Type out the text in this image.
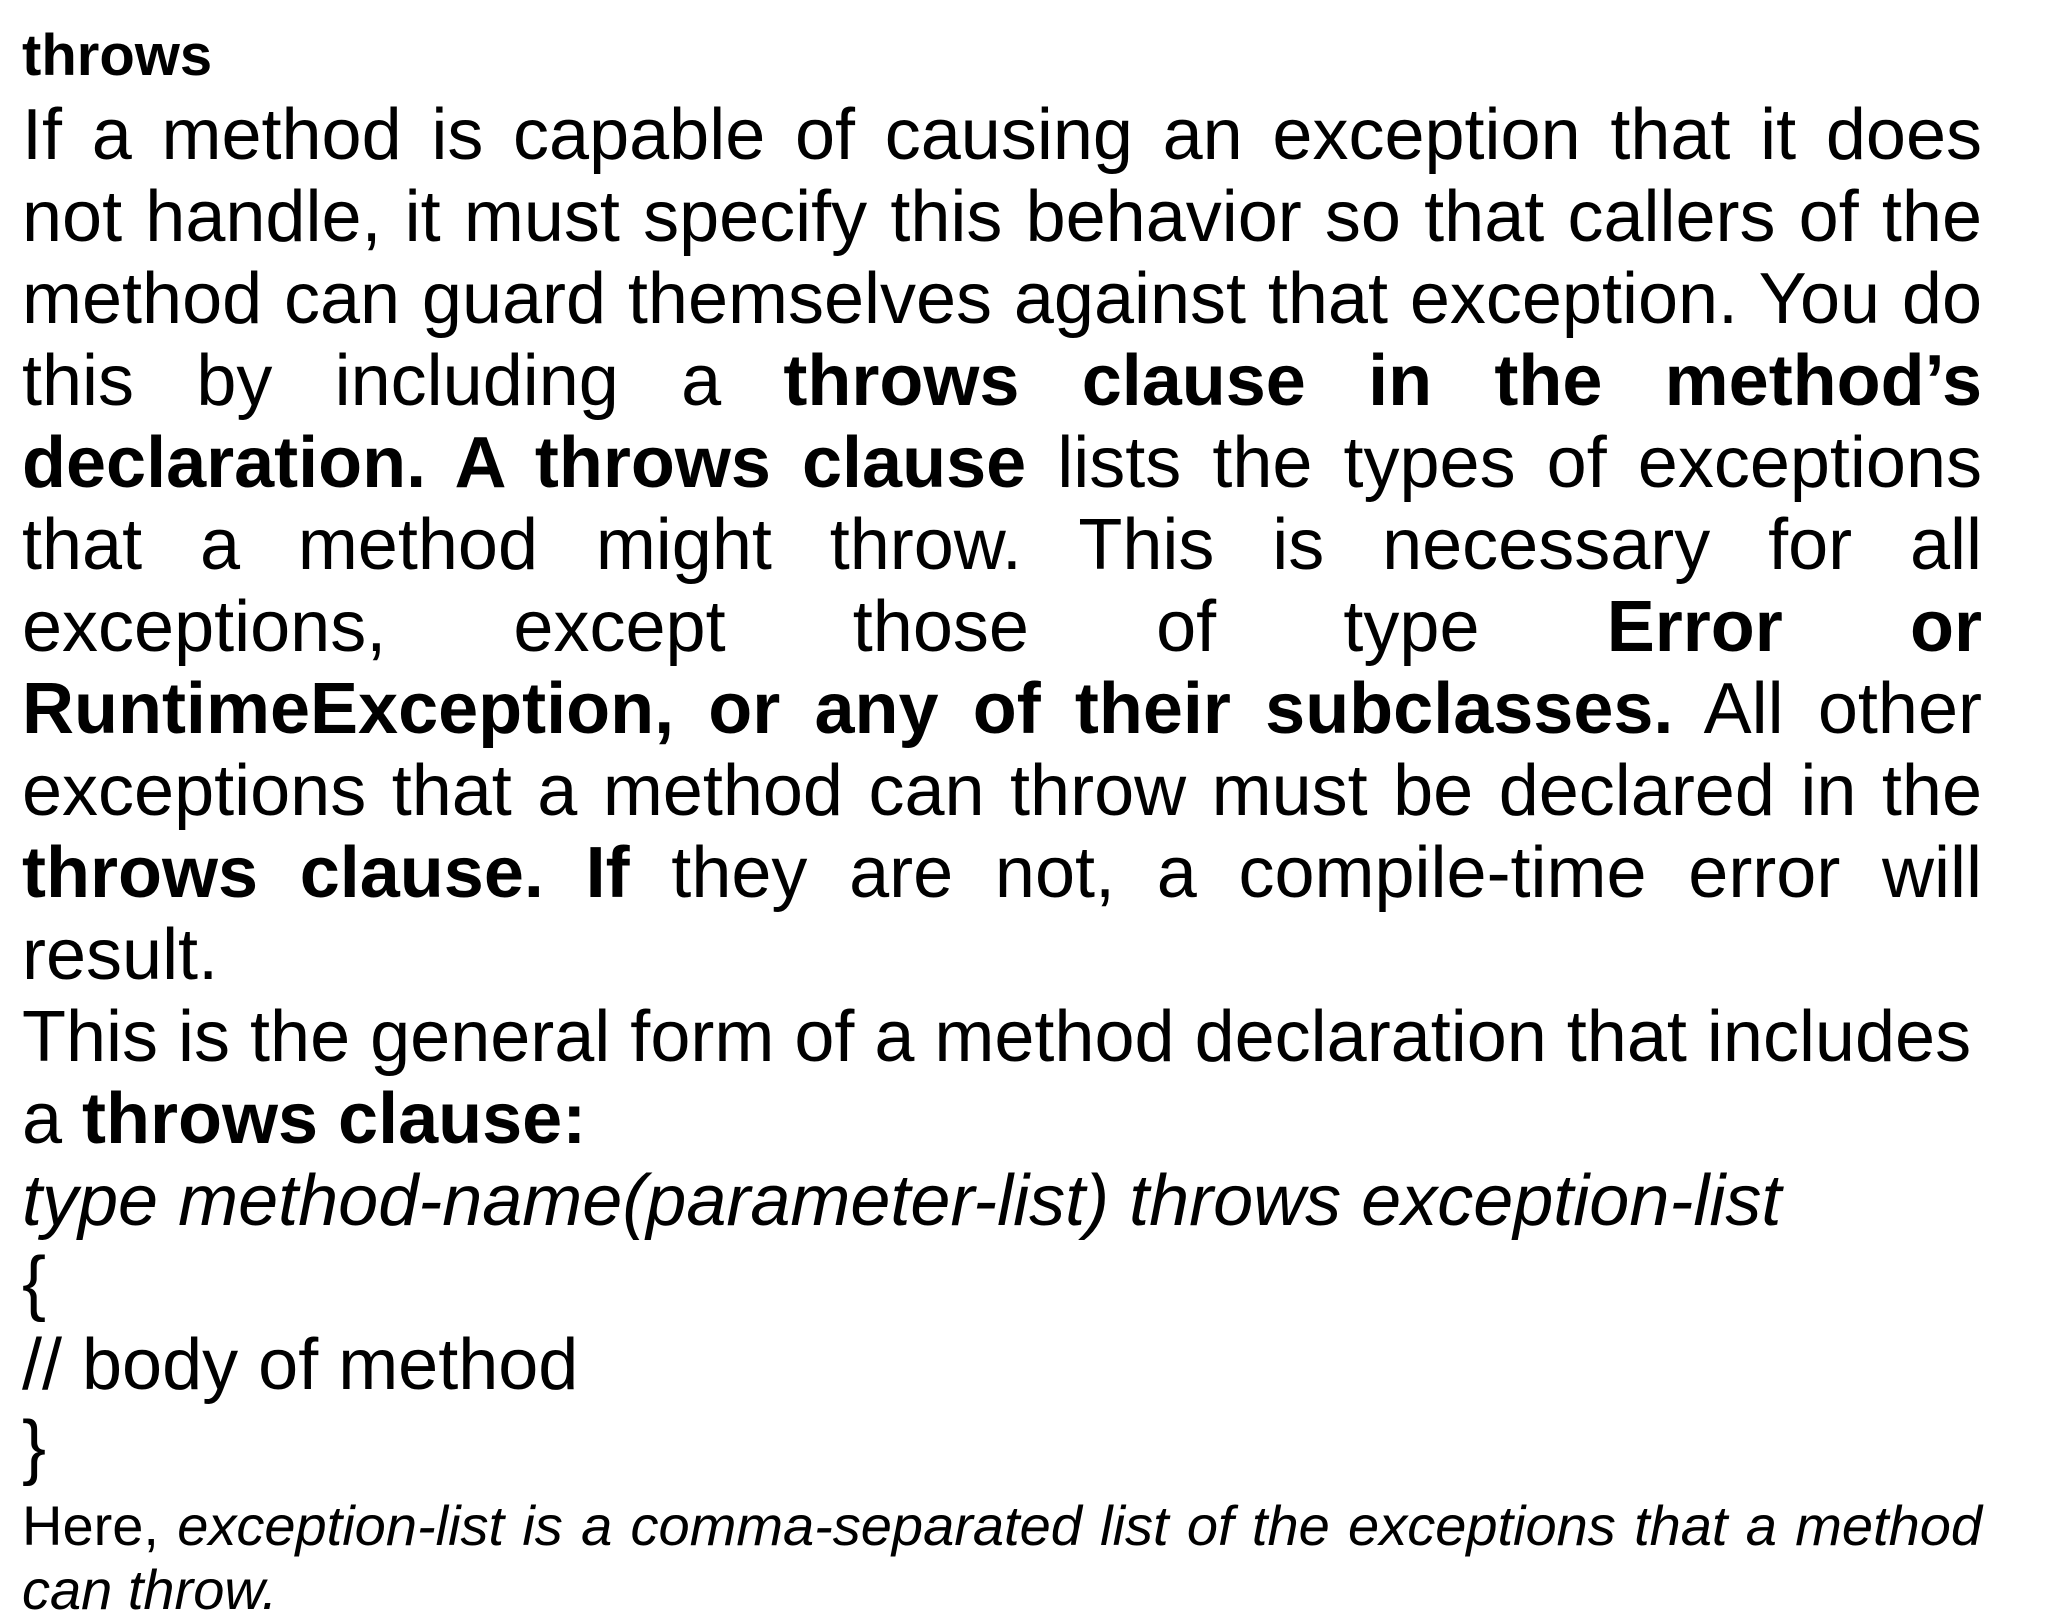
throws

If a method is capable of causing an exception that it does not handle, it must specify this behavior so that callers of the method can guard themselves against that exception. You do this by including a throws clause in the method’s declaration. A throws clause lists the types of exceptions that a method might throw. This is necessary for all exceptions, except those of type Error or RuntimeException, or any of their subclasses. All other exceptions that a method can throw must be declared in the throws clause. If they are not, a compile-time error will result.

This is the general form of a method declaration that includes a throws clause:

type method-name(parameter-list) throws exception-list
{
// body of method
}

Here, exception-list is a comma-separated list of the exceptions that a method can throw.
